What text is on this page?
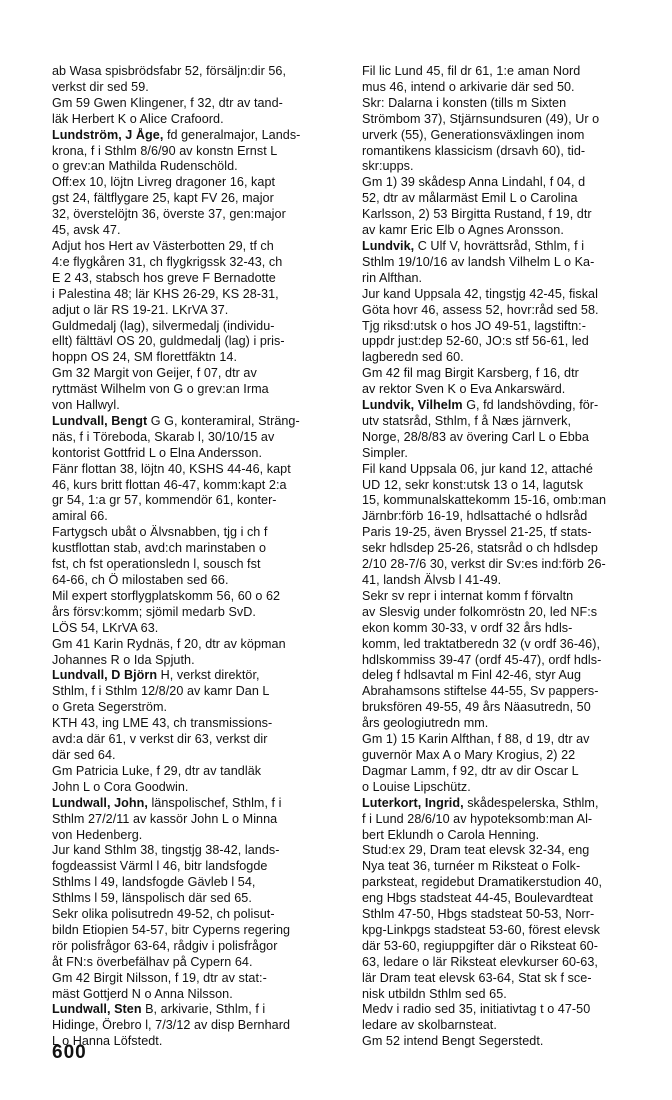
ab Wasa spisbrödsfabr 52, försäljn:dir 56,
verkst dir sed 59.
Gm 59 Gwen Klingener, f 32, dtr av tand-
läk Herbert K o Alice Crafoord.
Lundström, J Åge, fd generalmajor, Lands-
krona, f i Sthlm 8/6/90 av konstn Ernst L
o grev:an Mathilda Rudenschöld.
Off:ex 10, löjtn Livreg dragoner 16, kapt
gst 24, fältflygare 25, kapt FV 26, major
32, överstelöjtn 36, överste 37, gen:major
45, avsk 47.
Adjut hos Hert av Västerbotten 29, tf ch
4:e flygkåren 31, ch flygkrigssk 32-43, ch
E 2 43, stabsch hos greve F Bernadotte
i Palestina 48; lär KHS 26-29, KS 28-31,
adjut o lär RS 19-21. LKrVA 37.
Guldmedalj (lag), silvermedalj (individu-
ellt) fälttävl OS 20, guldmedalj (lag) i pris-
hoppn OS 24, SM florettfäktn 14.
Gm 32 Margit von Geijer, f 07, dtr av
ryttmäst Wilhelm von G o grev:an Irma
von Hallwyl.
Lundvall, Bengt G G, konteramiral, Sträng-
näs, f i Töreboda, Skarab l, 30/10/15 av
kontorist Gottfrid L o Elna Andersson.
Fänr flottan 38, löjtn 40, KSHS 44-46, kapt
46, kurs britt flottan 46-47, komm:kapt 2:a
gr 54, 1:a gr 57, kommendör 61, konter-
amiral 66.
Fartygsch ubåt o Älvsnabben, tjg i ch f
kustflottan stab, avd:ch marinstaben o
fst, ch fst operationsledn l, sousch fst
64-66, ch Ö milostaben sed 66.
Mil expert storflygplatskomm 56, 60 o 62
års försv:komm; sjömil medarb SvD.
LÖS 54, LKrVA 63.
Gm 41 Karin Rydnäs, f 20, dtr av köpman
Johannes R o Ida Spjuth.
Lundvall, D Björn H, verkst direktör,
Sthlm, f i Sthlm 12/8/20 av kamr Dan L
o Greta Segerström.
KTH 43, ing LME 43, ch transmissions-
avd:a där 61, v verkst dir 63, verkst dir
där sed 64.
Gm Patricia Luke, f 29, dtr av tandläk
John L o Cora Goodwin.
Lundwall, John, länspolischef, Sthlm, f i
Sthlm 27/2/11 av kassör John L o Minna
von Hedenberg.
Jur kand Sthlm 38, tingstjg 38-42, lands-
fogdeassist Värml l 46, bitr landsfogde
Sthlms l 49, landsfogde Gävleb l 54,
Sthlms l 59, länspolisch där sed 65.
Sekr olika polisutredn 49-52, ch polisut-
bildn Etiopien 54-57, bitr Cyperns regering
rör polisfrågor 63-64, rådgiv i polisfrågor
åt FN:s överbefälhav på Cypern 64.
Gm 42 Birgit Nilsson, f 19, dtr av stat:-
mäst Gottjerd N o Anna Nilsson.
Lundwall, Sten B, arkivarie, Sthlm, f i
Hidinge, Örebro l, 7/3/12 av disp Bernhard
L o Hanna Löfstedt.
Fil lic Lund 45, fil dr 61, 1:e aman Nord
mus 46, intend o arkivarie där sed 50.
Skr: Dalarna i konsten (tills m Sixten
Strömbom 37), Stjärnsundsuren (49), Ur o
urverk (55), Generationsväxlingen inom
romantikens klassicism (drsavh 60), tid-
skr:upps.
Gm 1) 39 skådesp Anna Lindahl, f 04, d
52, dtr av målarmäst Emil L o Carolina
Karlsson, 2) 53 Birgitta Rustand, f 19, dtr
av kamr Eric Elb o Agnes Aronsson.
Lundvik, C Ulf V, hovrättsråd, Sthlm, f i
Sthlm 19/10/16 av landsh Vilhelm L o Ka-
rin Alfthan.
Jur kand Uppsala 42, tingstjg 42-45, fiskal
Göta hovr 46, assess 52, hovr:råd sed 58.
Tjg riksd:utsk o hos JO 49-51, lagstiftn:-
uppdr just:dep 52-60, JO:s stf 56-61, led
lagberedn sed 60.
Gm 42 fil mag Birgit Karsberg, f 16, dtr
av rektor Sven K o Eva Ankarswärd.
Lundvik, Vilhelm G, fd landshövding, för-
utv statsråd, Sthlm, f å Næs järnverk,
Norge, 28/8/83 av övering Carl L o Ebba
Simpler.
Fil kand Uppsala 06, jur kand 12, attaché
UD 12, sekr konst:utsk 13 o 14, lagutsk
15, kommunalskattekomm 15-16, omb:man
Järnbr:förb 16-19, hdlsattaché o hdlsråd
Paris 19-25, även Bryssel 21-25, tf stats-
sekr hdlsdep 25-26, statsråd o ch hdlsdep
2/10 28-7/6 30, verkst dir Sv:es ind:förb 26-
41, landsh Älvsb l 41-49.
Sekr sv repr i internat komm f förvaltn
av Slesvig under folkomröstn 20, led NF:s
ekon komm 30-33, v ordf 32 års hdls-
komm, led traktatberedn 32 (v ordf 36-46),
hdlskommiss 39-47 (ordf 45-47), ordf hdls-
deleg f hdlsavtal m Finl 42-46, styr Aug
Abrahamsons stiftelse 44-55, Sv pappers-
bruksfören 49-55, 49 års Näasutredn, 50
års geologiutredn mm.
Gm 1) 15 Karin Alfthan, f 88, d 19, dtr av
guvernör Max A o Mary Krogius, 2) 22
Dagmar Lamm, f 92, dtr av dir Oscar L
o Louise Lipschütz.
Luterkort, Ingrid, skådespelerska, Sthlm,
f i Lund 28/6/10 av hypoteksomb:man Al-
bert Eklundh o Carola Henning.
Stud:ex 29, Dram teat elevsk 32-34, eng
Nya teat 36, turnéer m Riksteat o Folk-
parksteat, regidebut Dramatikerstudion 40,
eng Hbgs stadsteat 44-45, Boulevardteat
Sthlm 47-50, Hbgs stadsteat 50-53, Norr-
kpg-Linkpgs stadsteat 53-60, förest elevsk
där 53-60, regiuppgifter där o Riksteat 60-
63, ledare o lär Riksteat elevkurser 60-63,
lär Dram teat elevsk 63-64, Stat sk f sce-
nisk utbildn Sthlm sed 65.
Medv i radio sed 35, initiativtag t o 47-50
ledare av skolbarnsteat.
Gm 52 intend Bengt Segerstedt.
600
